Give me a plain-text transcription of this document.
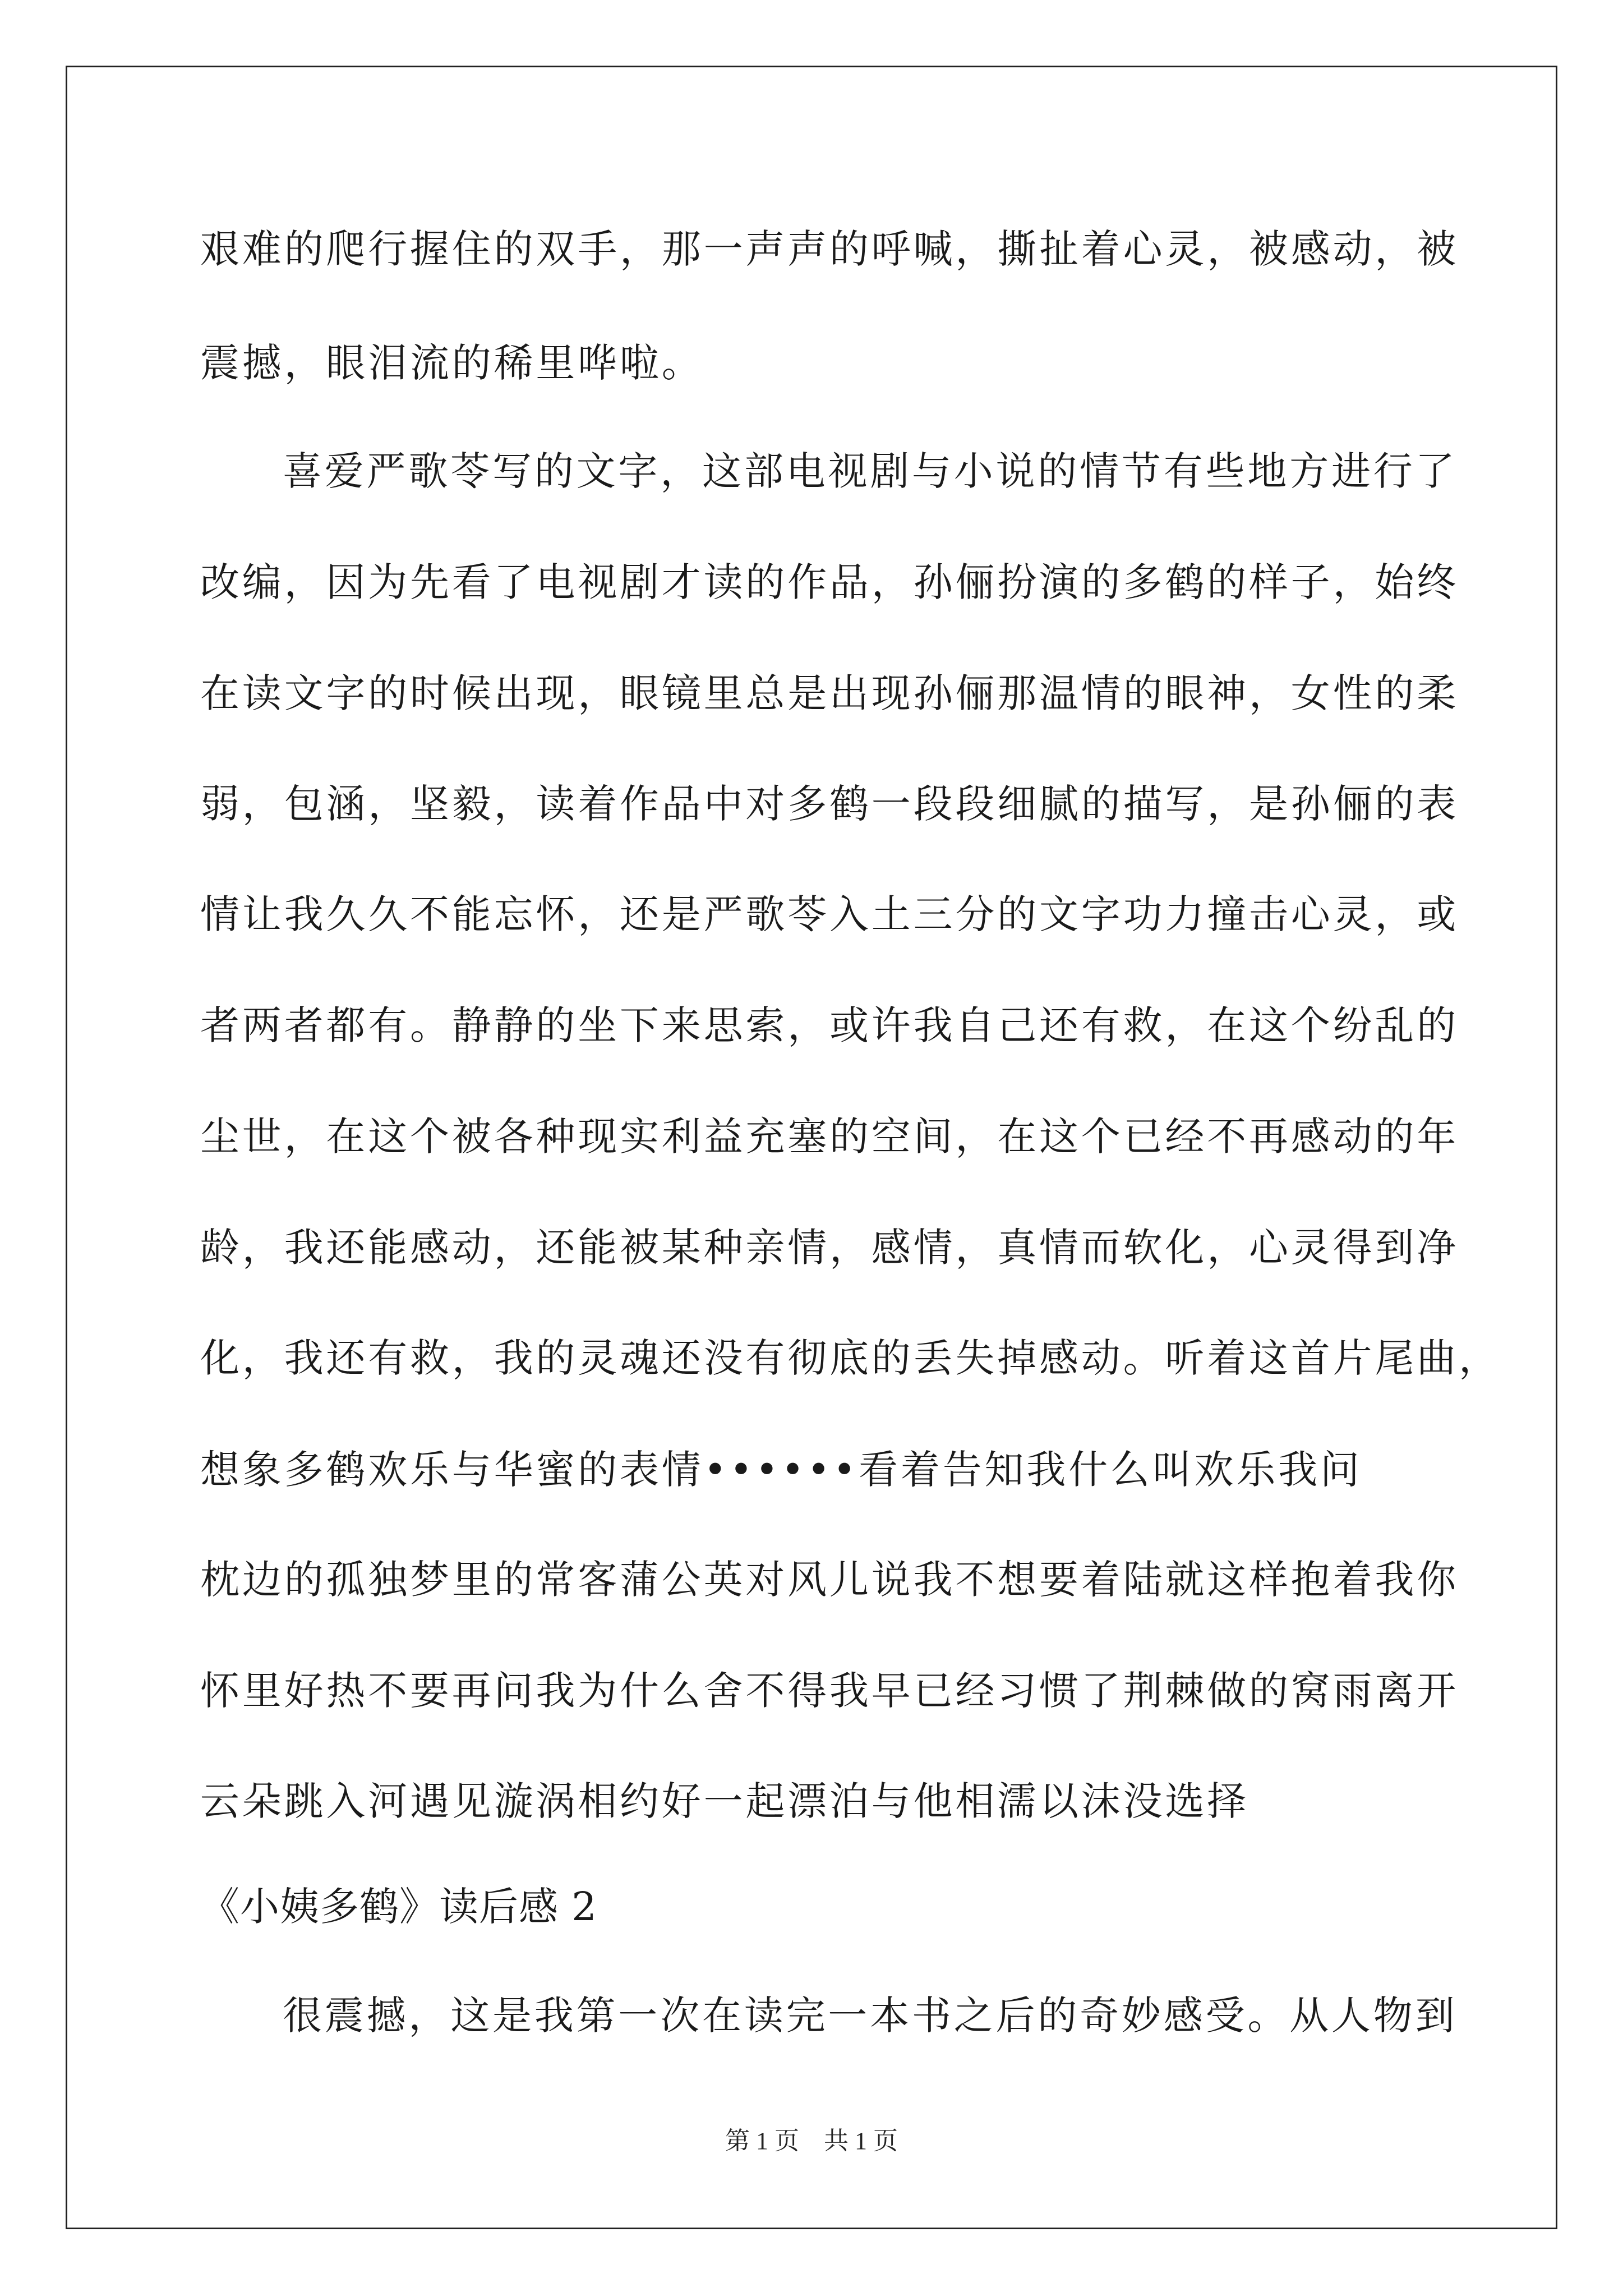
艰难的爬行握住的双手，那一声声的呼喊，撕扯着心灵，被感动，被
震撼，眼泪流的稀里哗啦。
喜爱严歌苓写的文字，这部电视剧与小说的情节有些地方进行了
改编，因为先看了电视剧才读的作品，孙俪扮演的多鹤的样子，始终
在读文字的时候出现，眼镜里总是出现孙俪那温情的眼神，女性的柔
弱，包涵，坚毅，读着作品中对多鹤一段段细腻的描写，是孙俪的表
情让我久久不能忘怀，还是严歌苓入土三分的文字功力撞击心灵，或
者两者都有。静静的坐下来思索，或许我自己还有救，在这个纷乱的
尘世，在这个被各种现实利益充塞的空间，在这个已经不再感动的年
龄，我还能感动，还能被某种亲情，感情，真情而软化，心灵得到净
化，我还有救，我的灵魂还没有彻底的丢失掉感动。听着这首片尾曲，
想象多鹤欢乐与华蜜的表情••••••看着告知我什么叫欢乐我问
枕边的孤独梦里的常客蒲公英对风儿说我不想要着陆就这样抱着我你
怀里好热不要再问我为什么舍不得我早已经习惯了荆棘做的窝雨离开
云朵跳入河遇见漩涡相约好一起漂泊与他相濡以沫没选择
《小姨多鹤》读后感 2
很震撼，这是我第一次在读完一本书之后的奇妙感受。从人物到
第 1 页　共 1 页
